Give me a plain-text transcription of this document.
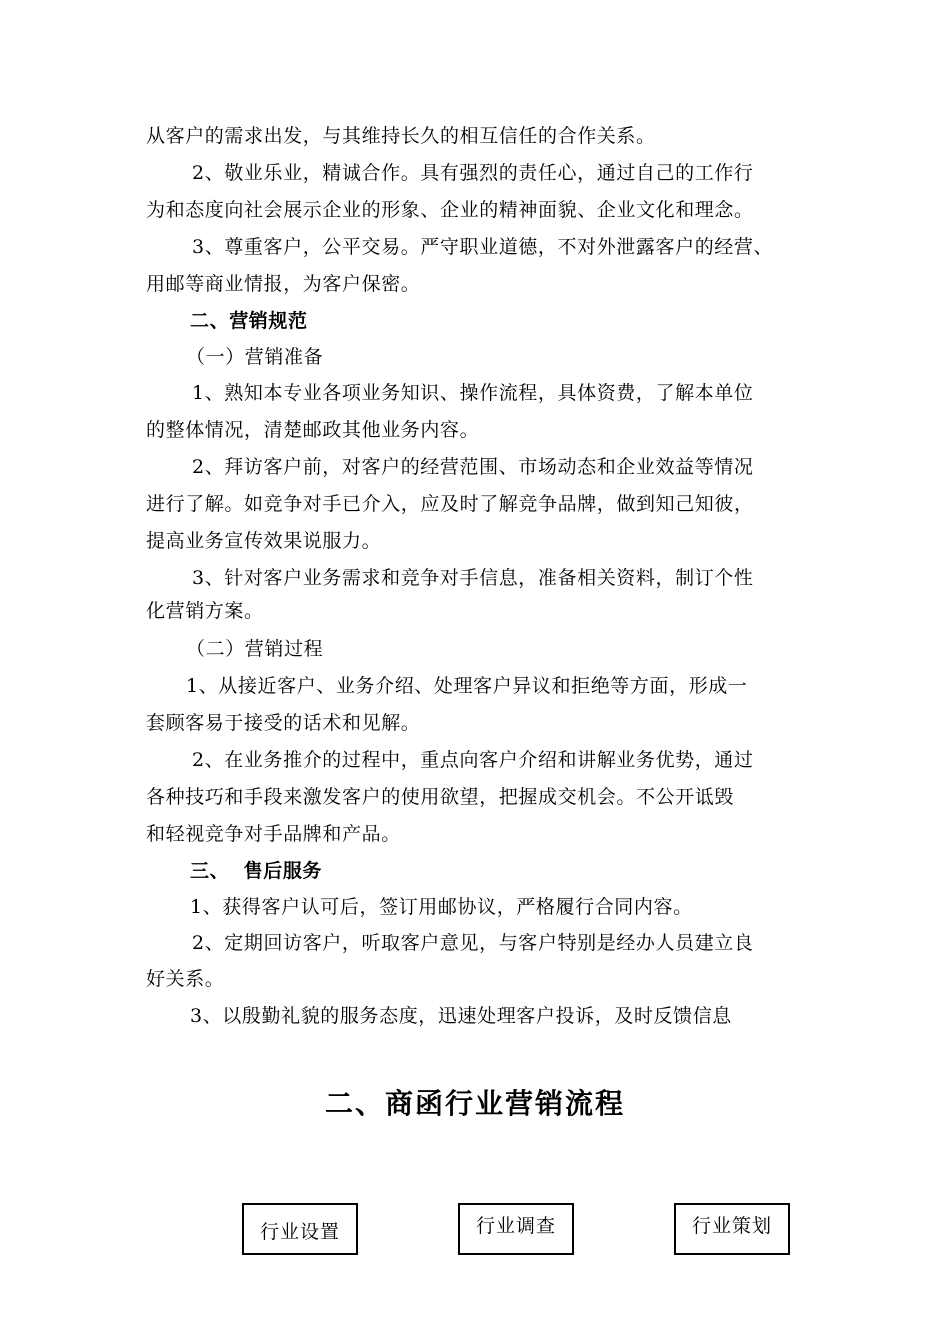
从客户的需求出发，与其维持长久的相互信任的合作关系。
2、敬业乐业，精诚合作。具有强烈的责任心，通过自己的工作行
为和态度向社会展示企业的形象、企业的精神面貌、企业文化和理念。
3、尊重客户，公平交易。严守职业道德，不对外泄露客户的经营、
用邮等商业情报，为客户保密。
二、营销规范
（一）营销准备
1、熟知本专业各项业务知识、操作流程，具体资费，了解本单位
的整体情况，清楚邮政其他业务内容。
2、拜访客户前，对客户的经营范围、市场动态和企业效益等情况
进行了解。如竞争对手已介入，应及时了解竞争品牌，做到知己知彼，
提高业务宣传效果说服力。
3、针对客户业务需求和竞争对手信息，准备相关资料，制订个性
化营销方案。
（二）营销过程
1、从接近客户、业务介绍、处理客户异议和拒绝等方面，形成一
套顾客易于接受的话术和见解。
2、在业务推介的过程中，重点向客户介绍和讲解业务优势，通过
各种技巧和手段来激发客户的使用欲望，把握成交机会。不公开诋毁
和轻视竞争对手品牌和产品。
三、  售后服务
1、获得客户认可后，签订用邮协议，严格履行合同内容。
2、定期回访客户，听取客户意见，与客户特别是经办人员建立良
好关系。
3、以殷勤礼貌的服务态度，迅速处理客户投诉，及时反馈信息
二、商函行业营销流程
行业设置	行业调查	行业策划
